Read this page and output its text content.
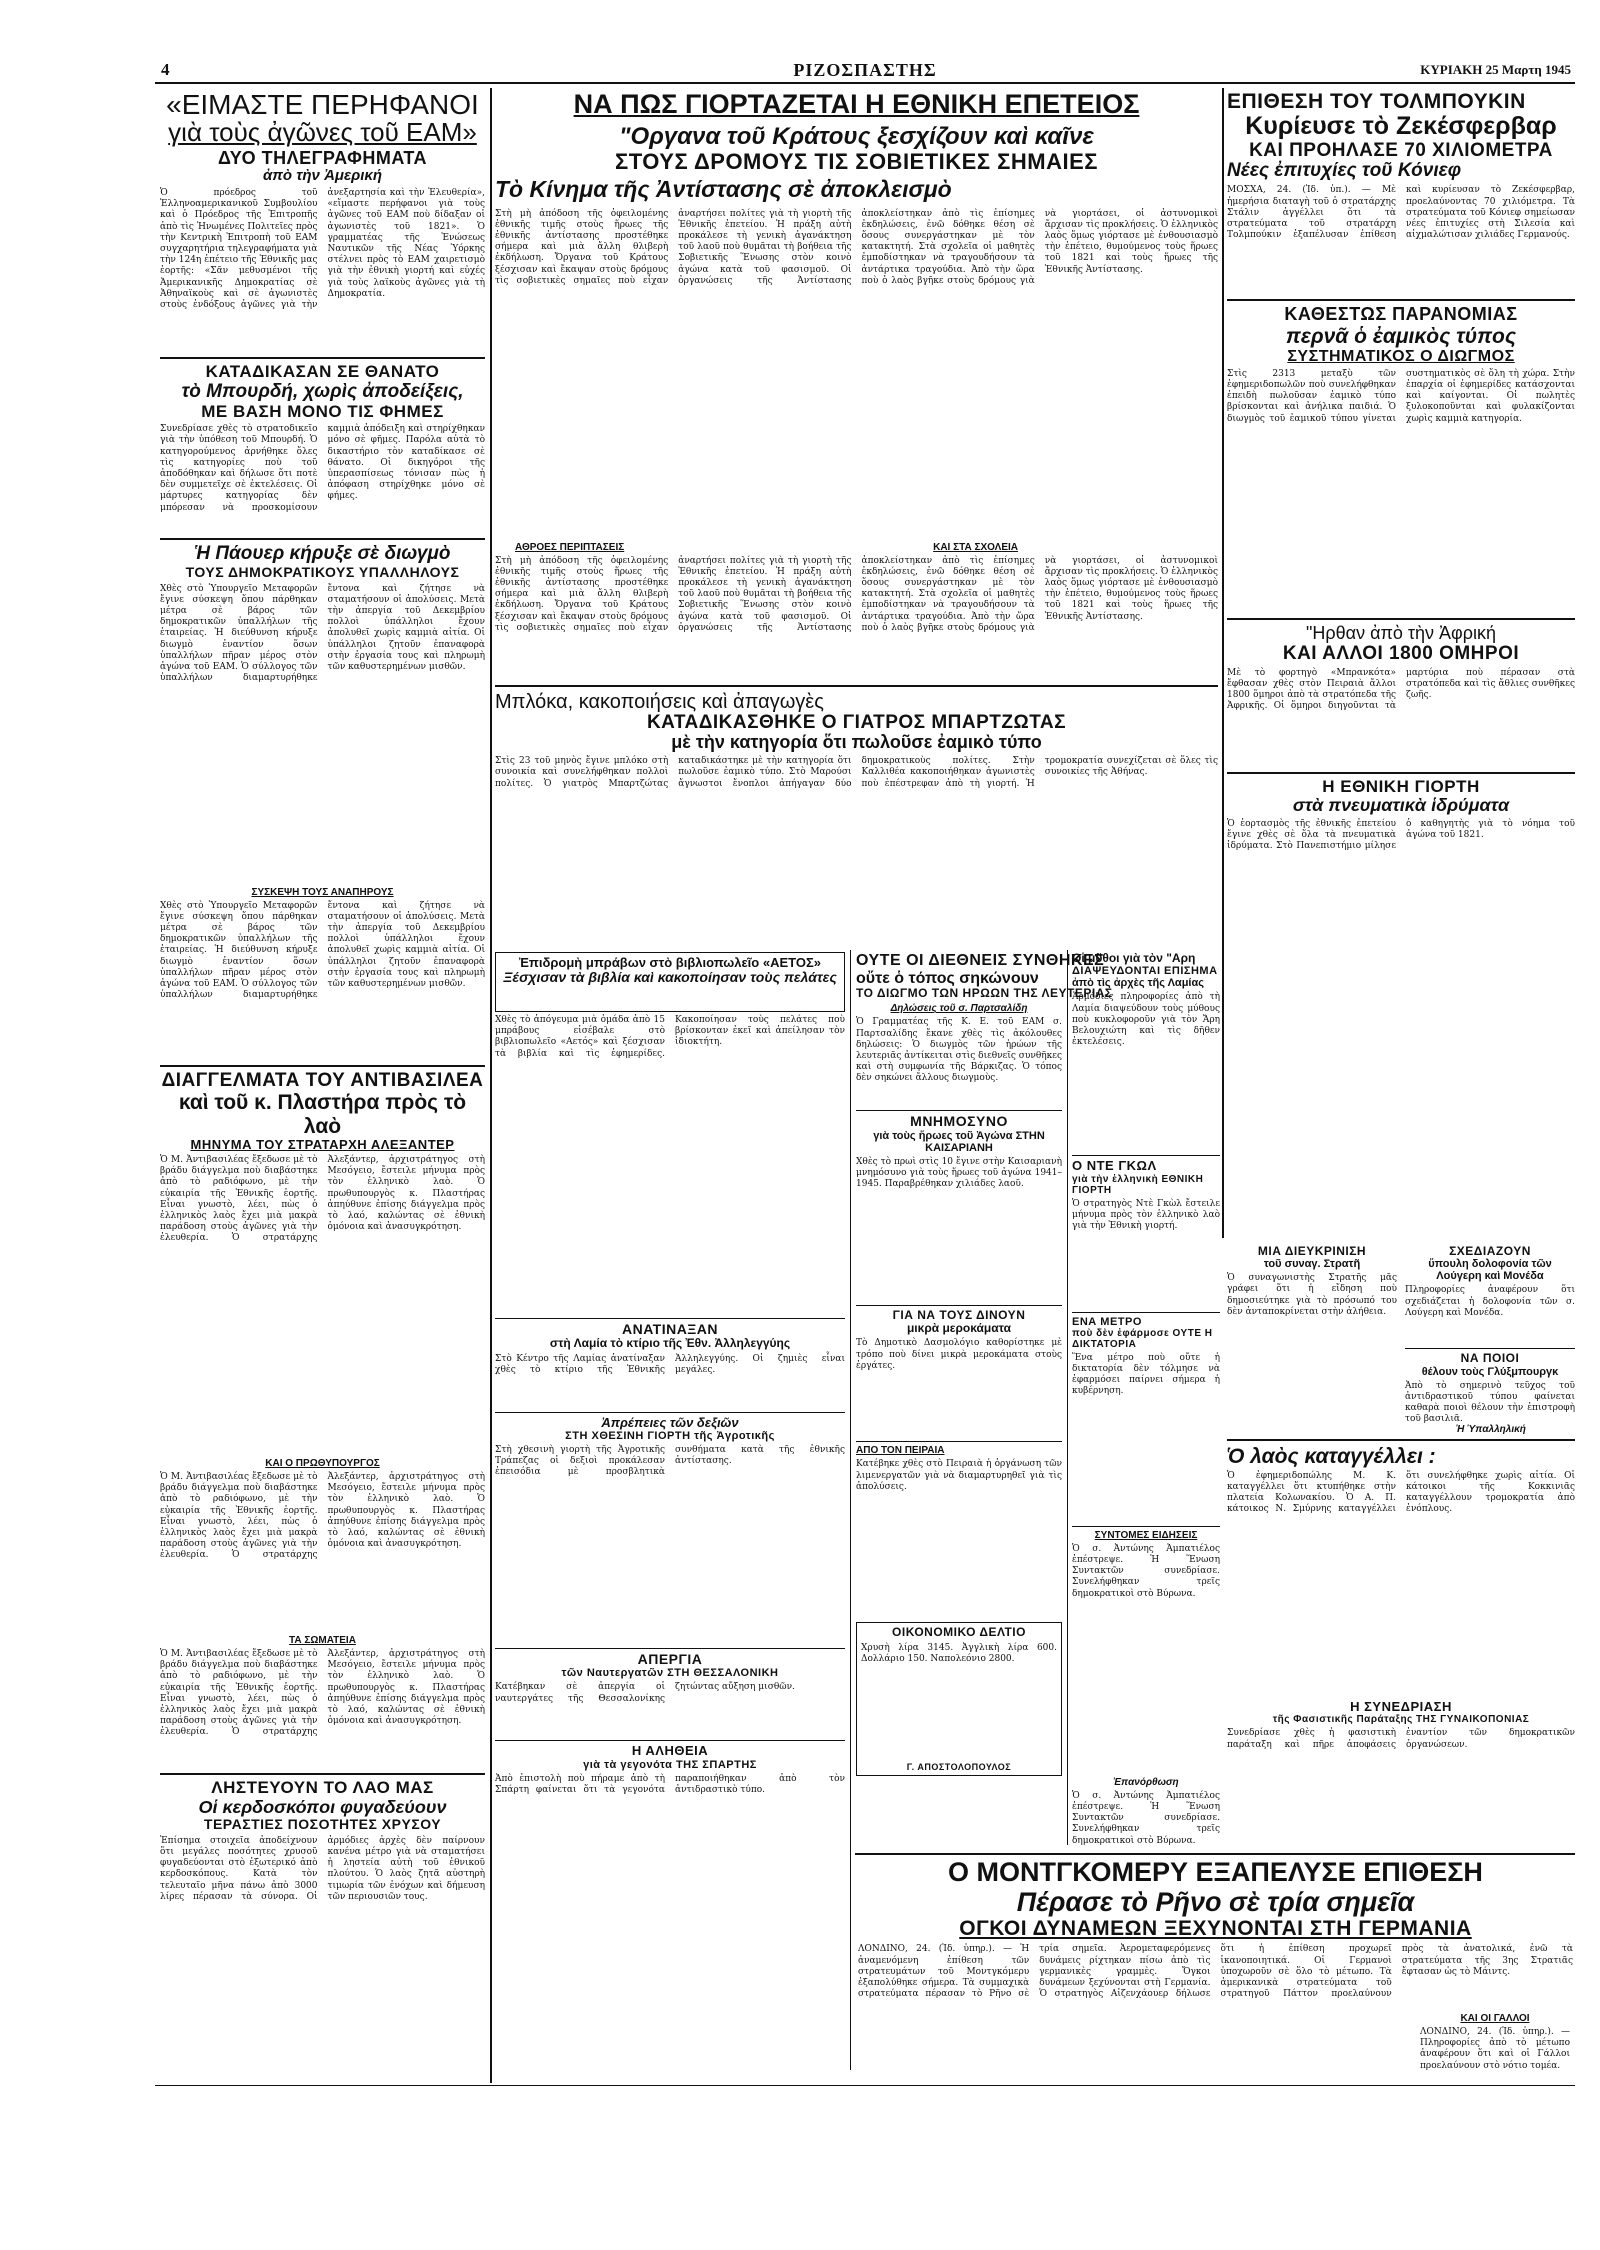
4	ΡΙΖΟΣΠΑΣΤΗΣ	ΚΥΡΙΑΚΗ 25 Μαρτη 1945
«ΕΙΜΑΣΤΕ ΠΕΡΗΦΑΝΟΙ
γιὰ τοὺς ἀγῶνες τοῦ ΕΑΜ»
ΔΥΟ ΤΗΛΕΓΡΑΦΗΜΑΤΑ
ἀπὸ τὴν Ἀμερική
Ὁ πρόεδρος τοῦ Ἑλληνοαμερικανικοῦ Συμβουλίου καὶ ὁ Πρόεδρος τῆς Ἐπιτροπῆς ἀπὸ τὶς Ἡνωμένες Πολιτεῖες πρὸς τὴν Κεντρικὴ Ἐπιτροπὴ τοῦ ΕΑΜ συγχαρητήρια τηλεγραφήματα γιὰ τὴν 124η ἐπέτειο τῆς Ἐθνικῆς μας ἑορτῆς: «Σᾶν μεθυσμένοι τῆς Ἀμερικανικῆς Δημοκρατίας σὲ Ἀθηναϊκοὺς καὶ σὲ ἀγωνιστὲς στοὺς ἐνδόξους ἀγῶνες γιὰ τὴν ἀνεξαρτησία καὶ τὴν Ἐλευθερία», «εἴμαστε περήφανοι γιὰ τοὺς ἀγῶνες τοῦ ΕΑΜ ποὺ δίδαξαν οἱ ἀγωνιστὲς τοῦ 1821». Ὁ γραμματέας τῆς Ἐνώσεως Ναυτικῶν τῆς Νέας Ὑόρκης στέλνει πρὸς τὸ ΕΑΜ χαιρετισμὸ γιὰ τὴν ἐθνικὴ γιορτή καὶ εὐχές γιὰ τοὺς λαϊκοὺς ἀγῶνες γιὰ τὴ Δημοκρατία.
ΚΑΤΑΔΙΚΑΣΑΝ ΣΕ ΘΑΝΑΤΟ
τὸ Μπουρδή, χωρὶς ἀποδείξεις,
ΜΕ ΒΑΣΗ ΜΟΝΟ ΤΙΣ ΦΗΜΕΣ
Συνεδρίασε χθὲς τὸ στρατοδικεῖο γιὰ τὴν ὑπόθεση τοῦ Μπουρδή. Ὁ κατηγορούμενος ἀρνήθηκε ὅλες τὶς κατηγορίες ποὺ τοῦ ἀποδόθηκαν καὶ δήλωσε ὅτι ποτὲ δὲν συμμετεῖχε σὲ ἐκτελέσεις. Οἱ μάρτυρες κατηγορίας δὲν μπόρεσαν νὰ προσκομίσουν καμμιὰ ἀπόδειξη καὶ στηρίχθηκαν μόνο σὲ φῆμες. Παρόλα αὐτὰ τὸ δικαστήριο τὸν καταδίκασε σὲ θάνατο. Οἱ δικηγόροι τῆς ὑπερασπίσεως τόνισαν πὼς ἡ ἀπόφαση στηρίχθηκε μόνο σὲ φήμες.
Ἡ Πάουερ κήρυξε σὲ διωγμὸ
ΤΟΥΣ ΔΗΜΟΚΡΑΤΙΚΟΥΣ ΥΠΑΛΛΗΛΟΥΣ
Χθὲς στὸ Ὑπουργεῖο Μεταφορῶν ἔγινε σύσκεψη ὅπου πάρθηκαν μέτρα σὲ βάρος τῶν δημοκρατικῶν ὑπαλλήλων τῆς ἑταιρείας. Ἡ διεύθυνση κήρυξε διωγμὸ ἐναντίον ὅσων ὑπαλλήλων πῆραν μέρος στὸν ἀγώνα τοῦ ΕΑΜ. Ὁ σύλλογος τῶν ὑπαλλήλων διαμαρτυρήθηκε ἔντονα καὶ ζήτησε νὰ σταματήσουν οἱ ἀπολύσεις. Μετὰ τὴν ἀπεργία τοῦ Δεκεμβρίου πολλοὶ ὑπάλληλοι ἔχουν ἀπολυθεῖ χωρὶς καμμιὰ αἰτία. Οἱ ὑπάλληλοι ζητοῦν ἐπαναφορὰ στὴν ἐργασία τους καὶ πληρωμὴ τῶν καθυστερημένων μισθῶν.
ΣΥΣΚΕΨΗ ΤΟΥΣ ΑΝΑΠΗΡΟΥΣ
Χθὲς στὸ Ὑπουργεῖο Μεταφορῶν ἔγινε σύσκεψη ὅπου πάρθηκαν μέτρα σὲ βάρος τῶν δημοκρατικῶν ὑπαλλήλων τῆς ἑταιρείας. Ἡ διεύθυνση κήρυξε διωγμὸ ἐναντίον ὅσων ὑπαλλήλων πῆραν μέρος στὸν ἀγώνα τοῦ ΕΑΜ. Ὁ σύλλογος τῶν ὑπαλλήλων διαμαρτυρήθηκε ἔντονα καὶ ζήτησε νὰ σταματήσουν οἱ ἀπολύσεις. Μετὰ τὴν ἀπεργία τοῦ Δεκεμβρίου πολλοὶ ὑπάλληλοι ἔχουν ἀπολυθεῖ χωρὶς καμμιὰ αἰτία. Οἱ ὑπάλληλοι ζητοῦν ἐπαναφορὰ στὴν ἐργασία τους καὶ πληρωμὴ τῶν καθυστερημένων μισθῶν.
ΔΙΑΓΓΕΛΜΑΤΑ ΤΟΥ ΑΝΤΙΒΑΣΙΛΕΑ
καὶ τοῦ κ. Πλαστήρα πρὸς τὸ λαὸ
ΜΗΝΥΜΑ ΤΟΥ ΣΤΡΑΤΑΡΧΗ ΑΛΕΞΑΝΤΕΡ
Ὁ Μ. Ἀντιβασιλέας ἔξεδωσε μὲ τὸ βράδυ διάγγελμα ποὺ διαβάστηκε ἀπὸ τὸ ραδιόφωνο, μὲ τὴν εὐκαιρία τῆς Ἐθνικῆς ἑορτῆς. Εἶναι γνωστὸ, λέει, πὼς ὁ ἑλληνικὸς λαὸς ἔχει μιὰ μακρὰ παράδοση στοὺς ἀγῶνες γιὰ τὴν ἐλευθερία. Ὁ στρατάρχης Ἀλεξάντερ, ἀρχιστράτηγος στὴ Μεσόγειο, ἔστειλε μήνυμα πρὸς τὸν ἑλληνικὸ λαὸ. Ὁ πρωθυπουργὸς κ. Πλαστήρας ἀπηύθυνε ἐπίσης διάγγελμα πρὸς τὸ λαό, καλώντας σὲ ἐθνικὴ ὁμόνοια καὶ ἀνασυγκρότηση.
ΚΑΙ Ο ΠΡΩΘΥΠΟΥΡΓΟΣ
Ὁ Μ. Ἀντιβασιλέας ἔξεδωσε μὲ τὸ βράδυ διάγγελμα ποὺ διαβάστηκε ἀπὸ τὸ ραδιόφωνο, μὲ τὴν εὐκαιρία τῆς Ἐθνικῆς ἑορτῆς. Εἶναι γνωστὸ, λέει, πὼς ὁ ἑλληνικὸς λαὸς ἔχει μιὰ μακρὰ παράδοση στοὺς ἀγῶνες γιὰ τὴν ἐλευθερία. Ὁ στρατάρχης Ἀλεξάντερ, ἀρχιστράτηγος στὴ Μεσόγειο, ἔστειλε μήνυμα πρὸς τὸν ἑλληνικὸ λαὸ. Ὁ πρωθυπουργὸς κ. Πλαστήρας ἀπηύθυνε ἐπίσης διάγγελμα πρὸς τὸ λαό, καλώντας σὲ ἐθνικὴ ὁμόνοια καὶ ἀνασυγκρότηση.
ΤΑ ΣΩΜΑΤΕΙΑ
Ὁ Μ. Ἀντιβασιλέας ἔξεδωσε μὲ τὸ βράδυ διάγγελμα ποὺ διαβάστηκε ἀπὸ τὸ ραδιόφωνο, μὲ τὴν εὐκαιρία τῆς Ἐθνικῆς ἑορτῆς. Εἶναι γνωστὸ, λέει, πὼς ὁ ἑλληνικὸς λαὸς ἔχει μιὰ μακρὰ παράδοση στοὺς ἀγῶνες γιὰ τὴν ἐλευθερία. Ὁ στρατάρχης Ἀλεξάντερ, ἀρχιστράτηγος στὴ Μεσόγειο, ἔστειλε μήνυμα πρὸς τὸν ἑλληνικὸ λαὸ. Ὁ πρωθυπουργὸς κ. Πλαστήρας ἀπηύθυνε ἐπίσης διάγγελμα πρὸς τὸ λαό, καλώντας σὲ ἐθνικὴ ὁμόνοια καὶ ἀνασυγκρότηση.
ΛΗΣΤΕΥΟΥΝ ΤΟ ΛΑΟ ΜΑΣ
Οἱ κερδοσκόποι φυγαδεύουν
ΤΕΡΑΣΤΙΕΣ ΠΟΣΟΤΗΤΕΣ ΧΡΥΣΟΥ
Ἐπίσημα στοιχεῖα ἀποδείχνουν ὅτι μεγάλες ποσότητες χρυσοῦ φυγαδεύονται στὸ ἐξωτερικό ἀπὸ κερδοσκόπους. Κατὰ τὸν τελευταῖο μῆνα πάνω ἀπὸ 3000 λίρες πέρασαν τὰ σύνορα. Οἱ ἀρμόδιες ἀρχὲς δὲν παίρνουν κανένα μέτρο γιὰ νὰ σταματήσει ἡ ληστεία αὐτὴ τοῦ ἐθνικοῦ πλούτου. Ὁ λαὸς ζητᾶ αὐστηρὴ τιμωρία τῶν ἐνόχων καὶ δήμευση τῶν περιουσιῶν τους.
ΝΑ ΠΩΣ ΓΙΟΡΤΑΖΕΤΑΙ Η ΕΘΝΙΚΗ ΕΠΕΤΕΙΟΣ
"Οργανα τοῦ Κράτους ξεσχίζουν καὶ καῖνε
ΣΤΟΥΣ ΔΡΟΜΟΥΣ ΤΙΣ ΣΟΒΙΕΤΙΚΕΣ ΣΗΜΑΙΕΣ
Τὸ Κίνημα τῆς Ἀντίστασης σὲ ἀποκλεισμὸ
Στὴ μὴ ἀπόδοση τῆς ὀφειλομένης ἐθνικῆς τιμῆς στοὺς ἥρωες τῆς ἐθνικῆς ἀντίστασης προστέθηκε σήμερα καὶ μιὰ ἄλλη θλιβερὴ ἐκδήλωση. Ὄργανα τοῦ Κράτους ξέσχισαν καὶ ἔκαψαν στοὺς δρόμους τὶς σοβιετικὲς σημαῖες ποὺ εἶχαν ἀναρτήσει πολίτες γιὰ τὴ γιορτὴ τῆς Ἐθνικῆς ἐπετείου. Ἡ πράξη αὐτὴ προκάλεσε τὴ γενικὴ ἀγανάκτηση τοῦ λαοῦ ποὺ θυμᾶται τὴ βοήθεια τῆς Σοβιετικῆς Ἕνωσης στὸν κοινὸ ἀγώνα κατὰ τοῦ φασισμοῦ. Οἱ ὀργανώσεις τῆς Ἀντίστασης ἀποκλείστηκαν ἀπὸ τὶς ἐπίσημες ἐκδηλώσεις, ἐνῶ δόθηκε θέση σὲ ὅσους συνεργάστηκαν μὲ τὸν κατακτητή. Στὰ σχολεῖα οἱ μαθητὲς ἐμποδίστηκαν νὰ τραγουδήσουν τὰ ἀντάρτικα τραγούδια. Ἀπὸ τὴν ὥρα ποὺ ὁ λαὸς βγῆκε στοὺς δρόμους γιὰ νὰ γιορτάσει, οἱ ἀστυνομικοὶ ἄρχισαν τὶς προκλήσεις. Ὁ ἑλληνικὸς λαὸς ὅμως γιόρτασε μὲ ἐνθουσιασμὸ τὴν ἐπέτειο, θυμούμενος τοὺς ἥρωες τοῦ 1821 καὶ τοὺς ἥρωες τῆς Ἐθνικῆς Ἀντίστασης.
ΑΘΡΟΕΣ ΠΕΡΙΠΤΑΣΕΙΣ	ΚΑΙ ΣΤΑ ΣΧΟΛΕΙΑ
Στὴ μὴ ἀπόδοση τῆς ὀφειλομένης ἐθνικῆς τιμῆς στοὺς ἥρωες τῆς ἐθνικῆς ἀντίστασης προστέθηκε σήμερα καὶ μιὰ ἄλλη θλιβερὴ ἐκδήλωση. Ὄργανα τοῦ Κράτους ξέσχισαν καὶ ἔκαψαν στοὺς δρόμους τὶς σοβιετικὲς σημαῖες ποὺ εἶχαν ἀναρτήσει πολίτες γιὰ τὴ γιορτὴ τῆς Ἐθνικῆς ἐπετείου. Ἡ πράξη αὐτὴ προκάλεσε τὴ γενικὴ ἀγανάκτηση τοῦ λαοῦ ποὺ θυμᾶται τὴ βοήθεια τῆς Σοβιετικῆς Ἕνωσης στὸν κοινὸ ἀγώνα κατὰ τοῦ φασισμοῦ. Οἱ ὀργανώσεις τῆς Ἀντίστασης ἀποκλείστηκαν ἀπὸ τὶς ἐπίσημες ἐκδηλώσεις, ἐνῶ δόθηκε θέση σὲ ὅσους συνεργάστηκαν μὲ τὸν κατακτητή. Στὰ σχολεῖα οἱ μαθητὲς ἐμποδίστηκαν νὰ τραγουδήσουν τὰ ἀντάρτικα τραγούδια. Ἀπὸ τὴν ὥρα ποὺ ὁ λαὸς βγῆκε στοὺς δρόμους γιὰ νὰ γιορτάσει, οἱ ἀστυνομικοὶ ἄρχισαν τὶς προκλήσεις. Ὁ ἑλληνικὸς λαὸς ὅμως γιόρτασε μὲ ἐνθουσιασμὸ τὴν ἐπέτειο, θυμούμενος τοὺς ἥρωες τοῦ 1821 καὶ τοὺς ἥρωες τῆς Ἐθνικῆς Ἀντίστασης.
Μπλόκα, κακοποιήσεις καὶ ἀπαγωγὲς
ΚΑΤΑΔΙΚΑΣΘΗΚΕ Ο ΓΙΑΤΡΟΣ ΜΠΑΡΤΖΩΤΑΣ
μὲ τὴν κατηγορία ὅτι πωλοῦσε ἐαμικὸ τύπο
Στὶς 23 τοῦ μηνὸς ἔγινε μπλόκο στὴ συνοικία καὶ συνελήφθηκαν πολλοὶ πολίτες. Ὁ γιατρὸς Μπαρτζώτας καταδικάστηκε μὲ τὴν κατηγορία ὅτι πωλοῦσε ἐαμικὸ τύπο. Στὸ Μαρούσι ἄγνωστοι ἔνοπλοι ἀπήγαγαν δύο δημοκρατικοὺς πολίτες. Στὴν Καλλιθέα κακοποιήθηκαν ἀγωνιστὲς ποὺ ἐπέστρεφαν ἀπὸ τὴ γιορτή. Ἡ τρομοκρατία συνεχίζεται σὲ ὅλες τὶς συνοικίες τῆς Ἀθήνας.
Ἐπιδρομὴ μπράβων στὸ βιβλιοπωλεῖο «ΑΕΤΟΣ»
Ξέσχισαν τὰ βιβλία καὶ κακοποίησαν τοὺς πελάτες
Χθὲς τὸ ἀπόγευμα μιὰ ὁμάδα ἀπὸ 15 μπράβους εἰσέβαλε στὸ βιβλιοπωλεῖο «Αετός» καὶ ξέσχισαν τὰ βιβλία καὶ τὶς ἐφημερίδες. Κακοποίησαν τοὺς πελάτες ποὺ βρίσκονταν ἐκεῖ καὶ ἀπείλησαν τὸν ἰδιοκτήτη.
ΑΝΑΤΙΝΑΞΑΝ
στὴ Λαμία τὸ κτίριο τῆς Ἐθν. Ἀλληλεγγύης
Στὸ Κέντρο τῆς Λαμίας ἀνατίναξαν χθὲς τὸ κτίριο τῆς Ἐθνικῆς Ἀλληλεγγύης. Οἱ ζημιὲς εἶναι μεγάλες.
Ἀπρέπειες τῶν δεξιῶν
ΣΤΗ ΧΘΕΣΙΝΗ ΓΙΟΡΤΗ τῆς Ἀγροτικῆς
Στὴ χθεσινὴ γιορτὴ τῆς Ἀγροτικῆς Τράπεζας οἱ δεξιοὶ προκάλεσαν ἐπεισόδια μὲ προσβλητικὰ συνθήματα κατὰ τῆς ἐθνικῆς ἀντίστασης.
ΑΠΕΡΓΙΑ
τῶν Ναυτεργατῶν ΣΤΗ ΘΕΣΣΑΛΟΝΙΚΗ
Κατέβηκαν σὲ ἀπεργία οἱ ναυτεργάτες τῆς Θεσσαλονίκης ζητώντας αὔξηση μισθῶν.
Η ΑΛΗΘΕΙΑ
γιὰ τὰ γεγονότα ΤΗΣ ΣΠΑΡΤΗΣ
Ἀπὸ ἐπιστολὴ ποὺ πήραμε ἀπὸ τὴ Σπάρτη φαίνεται ὅτι τὰ γεγονότα παραποιήθηκαν ἀπὸ τὸν ἀντιδραστικὸ τύπο.
ΟΥΤΕ ΟΙ ΔΙΕΘΝΕΙΣ ΣΥΝΘΗΚΕΣ
οὔτε ὁ τόπος σηκώνουν
ΤΟ ΔΙΩΓΜΟ ΤΩΝ ΗΡΩΩΝ ΤΗΣ ΛΕΥΤΕΡΙΑΣ
Δηλώσεις τοῦ σ. Παρτσαλίδη
Ὁ Γραμματέας τῆς Κ. Ε. τοῦ ΕΑΜ σ. Παρτσαλίδης ἔκανε χθὲς τὶς ἀκόλουθες δηλώσεις: Ὁ διωγμὸς τῶν ἡρώων τῆς λευτεριᾶς ἀντίκειται στὶς διεθνεῖς συνθῆκες καὶ στὴ συμφωνία τῆς Βάρκιζας. Ὁ τόπος δὲν σηκώνει ἄλλους διωγμοὺς.
ΜΝΗΜΟΣΥΝΟ
γιὰ τοὺς ἥρωες τοῦ Ἀγώνα ΣΤΗΝ ΚΑΙΣΑΡΙΑΝΗ
Χθὲς τὸ πρωὶ στὶς 10 ἔγινε στὴν Καισαριανὴ μνημόσυνο γιὰ τοὺς ἥρωες τοῦ ἀγώνα 1941–1945. Παραβρέθηκαν χιλιάδες λαοῦ.
ΓΙΑ ΝΑ ΤΟΥΣ ΔΙΝΟΥΝ
μικρὰ μεροκάματα
Τὸ Δημοτικὸ Δασμολόγιο καθορίστηκε μὲ τρόπο ποὺ δίνει μικρὰ μεροκάματα στοὺς ἐργάτες.
ΑΠΟ ΤΟΝ ΠΕΙΡΑΙΑ
Κατέβηκε χθὲς στὸ Πειραιὰ ἡ ὀργάνωση τῶν λιμενεργατῶν γιὰ νὰ διαμαρτυρηθεῖ γιὰ τὶς ἀπολύσεις.
ΟΙΚΟΝΟΜΙΚΟ ΔΕΛΤΙΟ
Χρυσὴ λίρα 3145. Ἀγγλικὴ λίρα 600. Δολλάριο 150. Ναπολεόνιο 2800.
Γ. ΑΠΟΣΤΟΛΟΠΟΥΛΟΣ
Οἱ μῦθοι γιὰ τὸν "Αρη
ΔΙΑΨΕΥΔΟΝΤΑΙ ΕΠΙΣΗΜΑ
ἀπὸ τὶς ἀρχὲς τῆς Λαμίας
Ἀρμόδιες πληροφορίες ἀπὸ τὴ Λαμία διαψεύδουν τοὺς μύθους ποὺ κυκλοφοροῦν γιὰ τὸν Ἄρη Βελουχιώτη καὶ τὶς δῆθεν ἐκτελέσεις.
Ο ΝΤΕ ΓΚΩΛ
γιὰ τὴν ἑλληνικὴ ΕΘΝΙΚΗ ΓΙΟΡΤΗ
Ὁ στρατηγὸς Ντὲ Γκὼλ ἔστειλε μήνυμα πρὸς τὸν ἑλληνικὸ λαὸ γιὰ τὴν Ἐθνικὴ γιορτή.
ΕΝΑ ΜΕΤΡΟ
ποὺ δὲν ἐφάρμοσε ΟΥΤΕ Η ΔΙΚΤΑΤΟΡΙΑ
Ἕνα μέτρο ποὺ οὔτε ἡ δικτατορία δὲν τόλμησε νὰ ἐφαρμόσει παίρνει σήμερα ἡ κυβέρνηση.
ΣΥΝΤΟΜΕΣ ΕΙΔΗΣΕΙΣ
Ὁ σ. Ἀντώνης Ἀμπατιέλος ἐπέστρεψε. Ἡ Ἕνωση Συντακτῶν συνεδρίασε. Συνελήφθηκαν τρεῖς δημοκρατικοὶ στὸ Βύρωνα.
Ἐπανόρθωση
Ὁ σ. Ἀντώνης Ἀμπατιέλος ἐπέστρεψε. Ἡ Ἕνωση Συντακτῶν συνεδρίασε. Συνελήφθηκαν τρεῖς δημοκρατικοὶ στὸ Βύρωνα.
ΕΠΙΘΕΣΗ ΤΟΥ ΤΟΛΜΠΟΥΚΙΝ
Κυρίευσε τὸ Ζεκέσφερβαρ
ΚΑΙ ΠΡΟΗΛΑΣΕ 70 ΧΙΛΙΟΜΕΤΡΑ
Νέες ἐπιτυχίες τοῦ Κόνιεφ
ΜΟΣΧΑ, 24. (Ἰδ. ὑπ.). — Μὲ ἡμερήσια διαταγὴ τοῦ ὁ στρατάρχης Στάλιν ἀγγέλλει ὅτι τὰ στρατεύματα τοῦ στρατάρχη Τολμπούκιν ἐξαπέλυσαν ἐπίθεση καὶ κυρίευσαν τὸ Ζεκέσφερβαρ, προελαύνοντας 70 χιλιόμετρα. Τὰ στρατεύματα τοῦ Κόνιεφ σημείωσαν νέες ἐπιτυχίες στὴ Σιλεσία καὶ αἰχμαλώτισαν χιλιάδες Γερμανούς.
ΚΑΘΕΣΤΩΣ ΠΑΡΑΝΟΜΙΑΣ
περνᾶ ὁ ἐαμικὸς τύπος
ΣΥΣΤΗΜΑΤΙΚΟΣ Ο ΔΙΩΓΜΟΣ
Στὶς 2313 μεταξὺ τῶν ἐφημεριδοπωλῶν ποὺ συνελήφθηκαν ἐπειδὴ πωλοῦσαν ἐαμικὸ τύπο βρίσκονται καὶ ἀνήλικα παιδιά. Ὁ διωγμὸς τοῦ ἐαμικοῦ τύπου γίνεται συστηματικὸς σὲ ὅλη τὴ χώρα. Στὴν ἐπαρχία οἱ ἐφημερίδες κατάσχονται καὶ καίγονται. Οἱ πωλητὲς ξυλοκοποῦνται καὶ φυλακίζονται χωρὶς καμμιὰ κατηγορία.
"Ηρθαν ἀπὸ τὴν Ἀφρική
ΚΑΙ ΑΛΛΟΙ 1800 ΟΜΗΡΟΙ
Μὲ τὸ φορτηγὸ «Μπρανκότα» ἔφθασαν χθὲς στὸν Πειραιὰ ἄλλοι 1800 ὅμηροι ἀπὸ τὰ στρατόπεδα τῆς Ἀφρικῆς. Οἱ ὅμηροι διηγοῦνται τὰ μαρτύρια ποὺ πέρασαν στὰ στρατόπεδα καὶ τὶς ἄθλιες συνθῆκες ζωῆς.
Η ΕΘΝΙΚΗ ΓΙΟΡΤΗ
στὰ πνευματικὰ ἱδρύματα
Ὁ ἑορτασμὸς τῆς ἐθνικῆς ἐπετείου ἔγινε χθὲς σὲ ὅλα τὰ πνευματικὰ ἱδρύματα. Στὸ Πανεπιστήμιο μίλησε ὁ καθηγητὴς γιὰ τὸ νόημα τοῦ ἀγώνα τοῦ 1821.
ΜΙΑ ΔΙΕΥΚΡΙΝΙΣΗ
τοῦ συναγ. Στρατῆ
Ὁ συναγωνιστὴς Στρατῆς μᾶς γράφει ὅτι ἡ εἴδηση ποὺ δημοσιεύτηκε γιὰ τὸ πρόσωπό του δὲν ἀνταποκρίνεται στὴν ἀλήθεια.
ΣΧΕΔΙΑΖΟΥΝ
ὕπουλη δολοφονία τῶν Λούγερη καὶ Μονέδα
Πληροφορίες ἀναφέρουν ὅτι σχεδιάζεται ἡ δολοφονία τῶν σ. Λούγερη καὶ Μονέδα.
ΝΑ ΠΟΙΟΙ
θέλουν τοὺς Γλύξμπουργκ
Ἀπὸ τὸ σημερινὸ τεῦχος τοῦ ἀντιδραστικοῦ τύπου φαίνεται καθαρὰ ποιοὶ θέλουν τὴν ἐπιστροφὴ τοῦ βασιλιᾶ.
Ἡ Ὑπαλληλική
Ὁ λαὸς καταγγέλλει :
Ὁ ἐφημεριδοπώλης Μ. Κ. καταγγέλλει ὅτι κτυπήθηκε στὴν πλατεία Κολωνακίου. Ὁ Α. Π. κάτοικος Ν. Σμύρνης καταγγέλλει ὅτι συνελήφθηκε χωρὶς αἰτία. Οἱ κάτοικοι τῆς Κοκκινιᾶς καταγγέλλουν τρομοκρατία ἀπὸ ἐνόπλους.
Ο ΜΟΝΤΓΚΟΜΕΡΥ ΕΞΑΠΕΛΥΣΕ ΕΠΙΘΕΣΗ
Πέρασε τὸ Ρῆνο σὲ τρία σημεῖα
ΟΓΚΟΙ ΔΥΝΑΜΕΩΝ ΞΕΧΥΝΟΝΤΑΙ ΣΤΗ ΓΕΡΜΑΝΙΑ
ΛΟΝΔΙΝΟ, 24. (Ἰδ. ὑπηρ.). — Ἡ ἀναμενόμενη ἐπίθεση τῶν στρατευμάτων τοῦ Μοντγκόμερυ ἐξαπολύθηκε σήμερα. Τὰ συμμαχικὰ στρατεύματα πέρασαν τὸ Ρῆνο σὲ τρία σημεῖα. Ἀερομεταφερόμενες δυνάμεις ρίχτηκαν πίσω ἀπὸ τὶς γερμανικὲς γραμμὲς. Ὄγκοι δυνάμεων ξεχύνονται στὴ Γερμανία. Ὁ στρατηγὸς Αἰζενχάουερ δήλωσε ὅτι ἡ ἐπίθεση προχωρεῖ ἱκανοποιητικά. Οἱ Γερμανοὶ ὑποχωροῦν σὲ ὅλο τὸ μέτωπο. Τὰ ἀμερικανικὰ στρατεύματα τοῦ στρατηγοῦ Πάττον προελαύνουν πρὸς τὰ ἀνατολικά, ἐνῶ τὰ στρατεύματα τῆς 3ης Στρατιᾶς ἔφτασαν ὡς τὸ Μάιντς.
Η ΣΥΝΕΔΡΙΑΣΗ
τῆς Φασιστικῆς Παράταξης ΤΗΣ ΓΥΝΑΙΚΟΠΟΝΙΑΣ
Συνεδρίασε χθὲς ἡ φασιστικὴ παράταξη καὶ πῆρε ἀποφάσεις ἐναντίον τῶν δημοκρατικῶν ὀργανώσεων.
ΚΑΙ ΟΙ ΓΑΛΛΟΙ
ΛΟΝΔΙΝΟ, 24. (Ἰδ. ὑπηρ.). — Πληροφορίες ἀπὸ τὸ μέτωπο ἀναφέρουν ὅτι καὶ οἱ Γάλλοι προελαύνουν στὸ νότιο τομέα.
